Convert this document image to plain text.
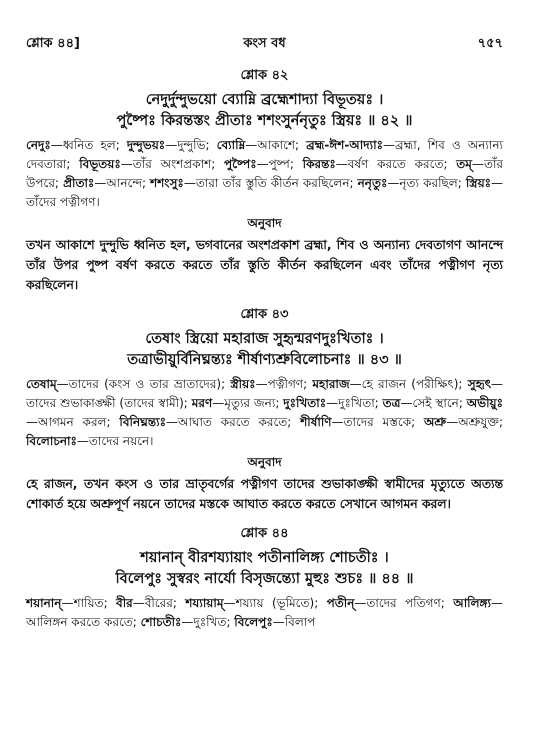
শ্লোক ৪৪]	কংস বধ	৭৫৭
শ্লোক ৪২
নেদুর্দুন্দুভয়ো ব্যোম্নি ব্রহ্মেশাদ্যা বিভূতয়ঃ ।
পুষ্পৈঃ কিরন্তস্তং প্রীতাঃ শশংসুর্ননৃতুঃ স্ত্রিয়ঃ ॥ ৪২ ॥
নেদুঃ—ধ্বনিত হল; দুন্দুভয়ঃ—দুন্দুভি; ব্যোম্নি—আকাশে; ব্রহ্ম-ঈশ-আদ্যাঃ—ব্রহ্মা, শিব ও অন্যান্য দেবতারা; বিভূতয়ঃ—তাঁর অংশপ্রকাশ; পুষ্পৈঃ—পুষ্প; কিরন্তঃ—বর্ষণ করতে করতে; তম্—তাঁর উপরে; প্রীতাঃ—আনন্দে; শশংসুঃ—তারা তাঁর স্তুতি কীর্তন করছিলেন; ননৃতুঃ—নৃত্য করছিল; স্ত্রিয়ঃ—তাঁদের পত্নীগণ।
অনুবাদ
তখন আকাশে দুন্দুভি ধ্বনিত হল, ভগবানের অংশপ্রকাশ ব্রহ্মা, শিব ও অন্যান্য দেবতাগণ আনন্দে তাঁর উপর পুষ্প বর্ষণ করতে করতে তাঁর স্তুতি কীর্তন করছিলেন এবং তাঁদের পত্নীগণ নৃত্য করছিলেন।
শ্লোক ৪৩
তেষাং স্ত্রিয়ো মহারাজ সুহৃন্মরণদুঃখিতাঃ ।
তত্রাভীয়ুর্বিনিঘ্নন্ত্যঃ শীর্ষাণ্যশ্রুবিলোচনাঃ ॥ ৪৩ ॥
তেষাম্—তাদের (কংস ও তার ভ্রাতাদের); স্ত্রীয়ঃ—পত্নীগণ; মহারাজ—হে রাজন (পরীক্ষিৎ); সুহৃৎ—তাদের শুভাকাঙ্ক্ষী (তাদের স্বামী); মরণ—মৃত্যুর জন্য; দুঃখিতাঃ—দুঃখিতা; তত্র—সেই স্থানে; অভীয়ুঃ—আগমন করল; বিনিঘ্নন্ত্যঃ—আঘাত করতে করতে; শীর্ষাণি—তাদের মস্তকে; অশ্রু—অশ্রুযুক্ত; বিলোচনাঃ—তাদের নয়নে।
অনুবাদ
হে রাজন, তখন কংস ও তার ভ্রাতৃবর্গের পত্নীগণ তাদের শুভাকাঙ্ক্ষী স্বামীদের মৃত্যুতে অত্যন্ত শোকার্ত হয়ে অশ্রুপূর্ণ নয়নে তাদের মস্তকে আঘাত করতে করতে সেখানে আগমন করল।
শ্লোক ৪৪
শয়ানান্ বীরশয্যায়াং পতীনালিঙ্গ্য শোচতীঃ ।
বিলেপুঃ সুস্বরং নার্যো বিসৃজন্ত্যো মুহুঃ শুচঃ ॥ ৪৪ ॥
শয়ানান্—শায়িত; বীর—বীরের; শয্যায়াম্—শয্যায় (ভূমিতে); পতীন্—তাদের পতিগণ; আলিঙ্গ্য—আলিঙ্গন করতে করতে; শোচতীঃ—দুঃখিত; বিলেপুঃ—বিলাপ
